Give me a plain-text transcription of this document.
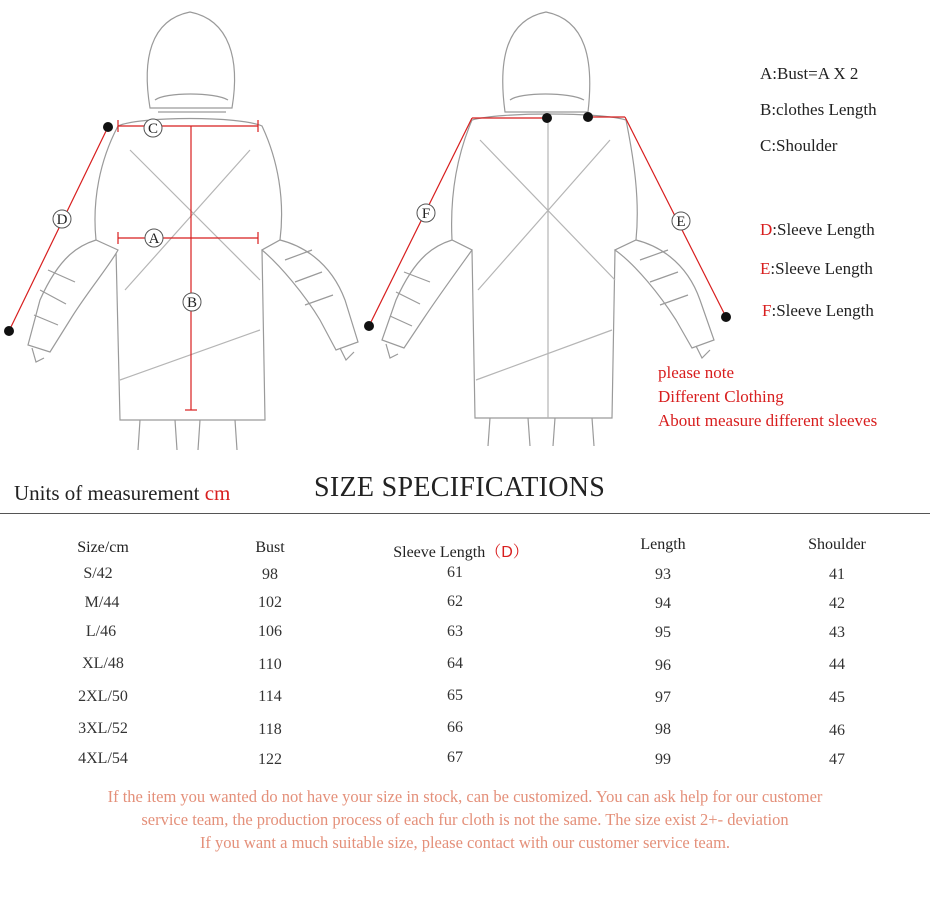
C
A
B
D	F	E
A:Bust=A X 2
B:clothes Length
C:Shoulder
D:Sleeve Length
E:Sleeve Length
F:Sleeve Length
please note
Different Clothing
About measure different sleeves
Units of measurement cm	SIZE SPECIFICATIONS
Size/cm	Bust	Sleeve Length（D）	Length	Shoulder
S/42	98	61	93	41
M/44	102	62	94	42
L/46	106	63	95	43
XL/48	110	64	96	44
2XL/50	114	65	97	45
3XL/52	118	66	98	46
4XL/54	122	67	99	47
If the item you wanted do not have your size in stock, can be customized. You can ask help for our customer
service team, the production process of each fur cloth is not the same. The size exist 2+- deviation
If you want a much suitable size, please contact with our customer service team.
